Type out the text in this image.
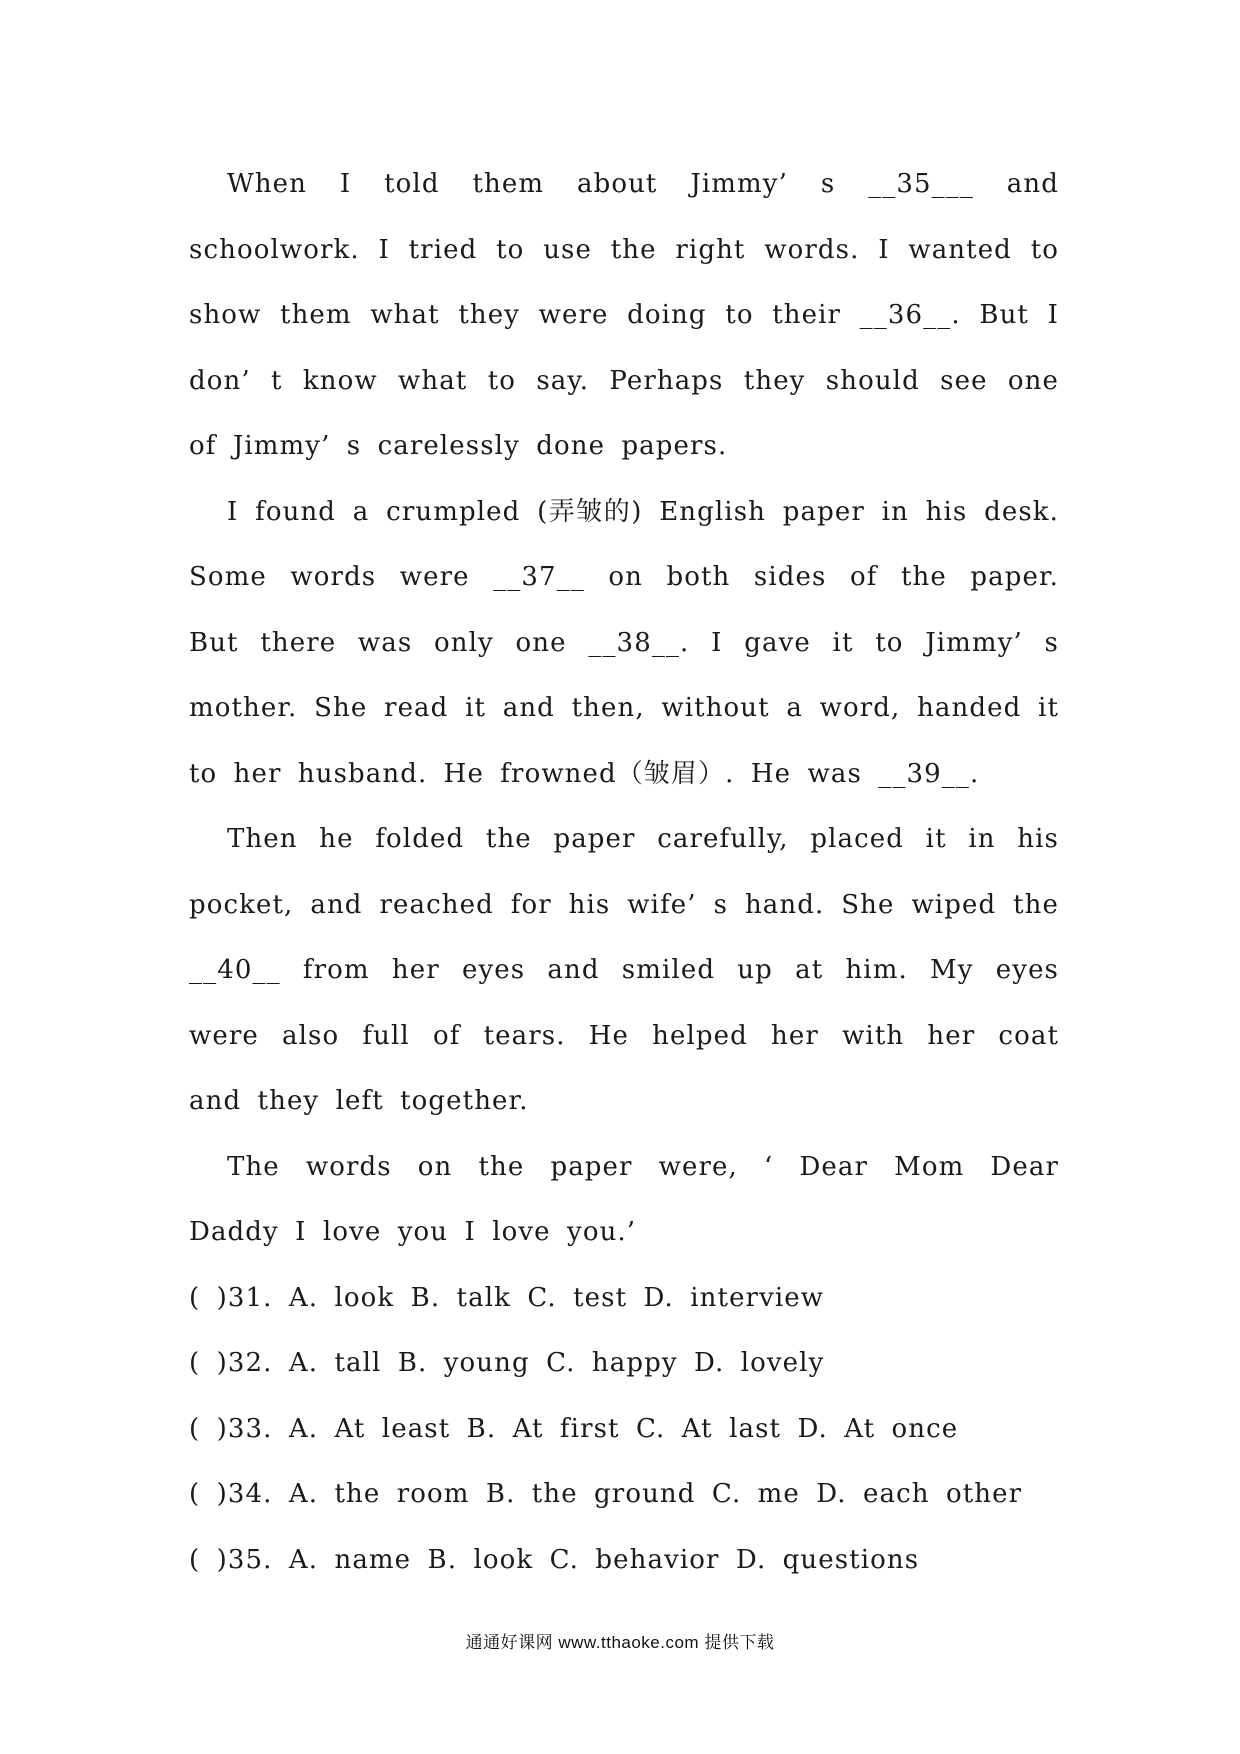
When I told them about Jimmy’ s __35___ and schoolwork. I tried to use the right words. I wanted to show them what they were doing to their __36__. But I don’ t know what to say. Perhaps they should see one of Jimmy’ s carelessly done papers.

I found a crumpled (弄皱的) English paper in his desk. Some words were __37__ on both sides of the paper. But there was only one __38__. I gave it to Jimmy’ s mother. She read it and then, without a word, handed it to her husband. He frowned（皱眉）. He was __39__.

Then he folded the paper carefully, placed it in his pocket, and reached for his wife’ s hand. She wiped the __40__ from her eyes and smiled up at him. My eyes were also full of tears. He helped her with her coat and they left together.

The words on the paper were, ‘ Dear Mom Dear Daddy I love you I love you.’

( )31. A. look B. talk C. test D. interview

( )32. A. tall B. young C. happy D. lovely

( )33. A. At least B. At first C. At last D. At once

( )34. A. the room B. the ground C. me D. each other

( )35. A. name B. look C. behavior D. questions

通通好课网 www.tthaoke.com 提供下载
